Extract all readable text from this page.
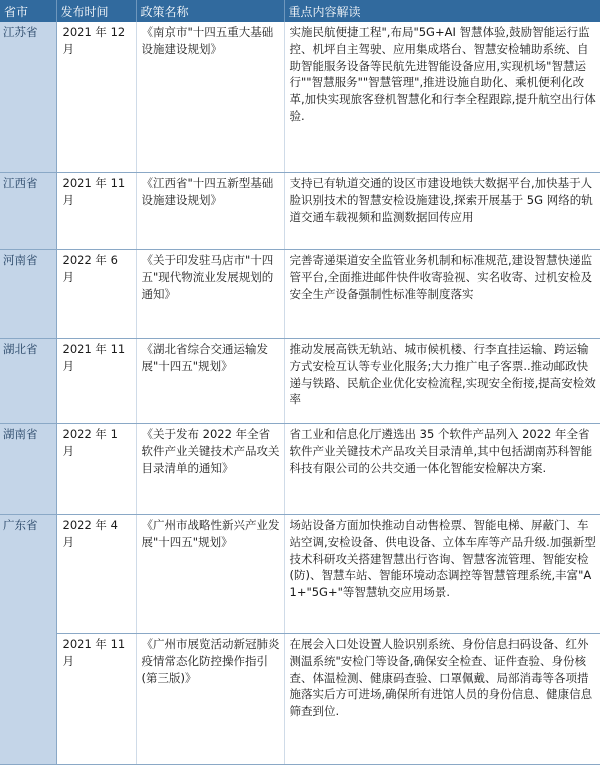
省市	发布时间	政策名称	重点内容解读
江苏省	2021 年 12 月	《南京市"十四五重大基础设施建设规划》	实施民航便捷工程",布局"5G+AI 智慧体验,鼓励智能运行监控、机坪自主驾驶、应用集成塔台、智慧安检辅助系统、自助智能服务设备等民航先进智能设备应用,实现机场"智慧运行""智慧服务""智慧管理",推进设施自助化、乘机便利化改革,加快实现旅客登机智慧化和行李全程跟踪,提升航空出行体验.
江西省	2021 年 11 月	《江西省"十四五新型基础设施建设规划》	支持已有轨道交通的设区市建设地铁大数据平台,加快基于人脸识别技术的智慧安检设施建设,探索开展基于 5G 网络的轨道交通车载视频和监测数据回传应用
河南省	2022 年 6 月	《关于印发驻马店市"十四五"现代物流业发展规划的通知》	完善寄递渠道安全监管业务机制和标准规范,建设智慧快递监管平台,全面推进邮件快件收寄验视、实名收寄、过机安检及安全生产设备强制性标准等制度落实
湖北省	2021 年 11 月	《湖北省综合交通运输发展"十四五"规划》	推动发展高铁无轨站、城市候机楼、行李直挂运输、跨运输方式安检互认等专业化服务;大力推广电子客票..推动邮政快递与铁路、民航企业优化安检流程,实现安全衔接,提高安检效率
湖南省	2022 年 1 月	《关于发布 2022 年全省软件产业关键技术产品攻关目录清单的通知》	省工业和信息化厅遴选出 35 个软件产品列入 2022 年全省软件产业关键技术产品攻关目录清单,其中包括湖南苏科智能科技有限公司的公共交通一体化智能安检解决方案.
广东省	2022 年 4 月	《广州市战略性新兴产业发展"十四五"规划》	场站设备方面加快推动自动售检票、智能电梯、屏蔽门、车站空调,安检设备、供电设备、立体车库等产品升级.加强新型技术科研攻关搭建智慧出行咨询、智慧客流管理、智能安检(防)、智慧车站、智能环境动态调控等智慧管理系统,丰富"A1+"5G+"等智慧轨交应用场景.
	2021 年 11 月	《广州市展览活动新冠肺炎疫情常态化防控操作指引(第三版)》	在展会入口处设置人脸识别系统、身份信息扫码设备、红外测温系统"安检门等设备,确保安全检查、证件查验、身份核查、体温检测、健康码查验、口罩佩戴、局部消毒等各项措施落实后方可进场,确保所有进馆人员的身份信息、健康信息筛查到位.
